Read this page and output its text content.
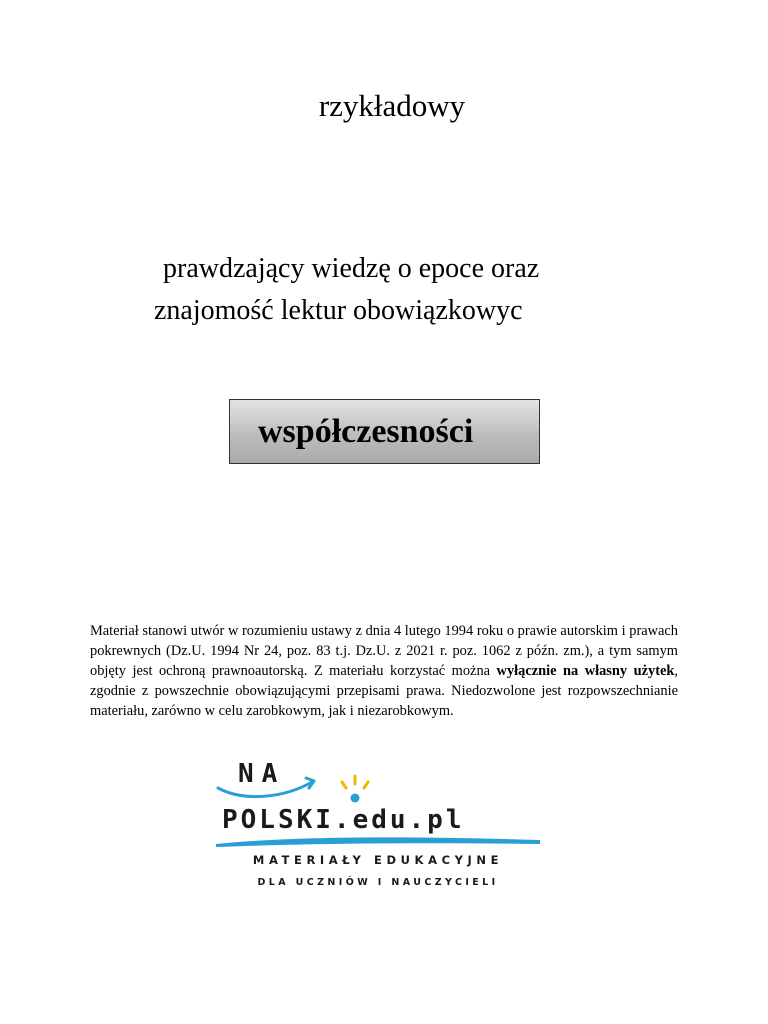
rzykładowy
prawdzający wiedzę o epoce oraz
znajomość lektur obowiązkowyc
współczesności

Materiał stanowi utwór w rozumieniu ustawy z dnia 4 lutego 1994 roku o prawie autorskim i prawach pokrewnych (Dz.U. 1994 Nr 24, poz. 83 t.j. Dz.U. z 2021 r. poz. 1062 z późn. zm.), a tym samym objęty jest ochroną prawnoautorską. Z materiału korzystać można wyłącznie na własny użytek, zgodnie z powszechnie obowiązującymi przepisami prawa. Niedozwolone jest rozpowszechnianie materiału, zarówno w celu zarobkowym, jak i niezarobkowym.

NA
POLSKI.edu.pl
MATERIAŁY EDUKACYJNE
DLA UCZNIÓW I NAUCZYCIELI
